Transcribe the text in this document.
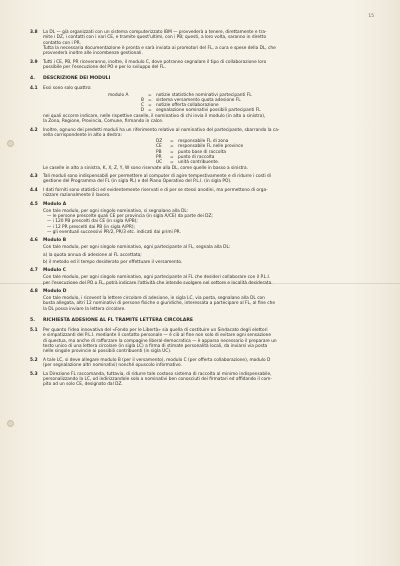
15
3.8	La DL — già organizzati con un sistema computerizzato IBM — provvederà a tenere, direttamente e tra-
mite i DZ, i contatti con i vari CE, e tramite quest'ultimi, con i PB; questi, a loro volta, saranno in diretto
contatto con i PR.
Tutta la necessaria documentazione è pronta e sarà inviata ai promotori del FL, a cura e spese della DL, che
provvederà inoltre alle incombenze gestionali.
3.9	Tutti i CE, PB, PR riceveranno, inoltre, il modulo C, dove potranno segnalare il tipo di collaborazione loro
possibile per l'esecuzione del PO e per lo sviluppo del FL.
4.	DESCRIZIONE DEI MODULI
4.1	Essi sono solo quattro:
modulo A	=	notizie statistiche nominativi partecipanti FL
B =	sistema versamento quota adesione FL
C =	notizie offerta collaborazione
D =	segnalazione nominativi possibili partecipanti FL
nei quali occorre indicare, nelle rispettive caselle, il nominativo di chi invia il modulo (in alto a sinistra),
la Zona, Regione, Provincia, Comune, firmando in calce.
4.2	Inoltre, ognuno dei predetti moduli ha un riferimento relativo al nominativo del partecipante, sbarrando la ca-
sella corrispondente in alto a destra:
DZ	=	responsabile FL di zona
CE	=	responsabile FL nelle province
PB	=	punto base di raccolta
PR	=	punto di raccolta
UC	=	unità contribuente.
Le caselle in alto a sinistra, K, X, Z, Y, W sono riservate alla DL, come quelle in basso a sinistra.
4.3	Tali moduli sono indispensabili per permettere al computer di agire tempestivamente e di ridurre i costi di
gestione del Programma del FL (in sigla PL) e del Piano Operativo del P.L.I. (in sigla PO).
4.4	I dati forniti sono statistici ed evidentemente riservati e di per se stessi anodini, ma permettono di orga-
nizzare razionalmente il lavoro.
4.5	Modulo A
Con tale modulo, per ogni singolo nominativo, si segnalano alla DL:
— le persone prescelte quali CE per provincia (in sigla A/CE) da parte dei DZ;
— i 120 PB prescelti dai CE (in sigla A/PB);
— i 12 PR prescelti dai PB (in sigla A/PR);
— gli eventuali successivi PR/2, PR/3 etc. indicati dai primi PR.
4.6	Modulo B
Con tale modulo, per ogni singolo nominativo, ogni partecipante al FL, segnala alla DL:
a) la quota annua di adesione al FL accettata;
b) il metodo ed il tempo desiderato per effettuare il versamento.
4.7	Modulo C
Con tale modulo, per ogni singolo nominativo, ogni partecipante al FL che desideri collaborare con il P.L.I.
per l'esecuzione del PO o FL, potrà indicare l'attività che intende svolgere nel settore e località desiderata.
4.8	Modulo D
Con tale modulo, i ricevent la lettere circolare di adesione, in sigla LC, via posta, segnalano alla DL con
busta allegata, altri 12 nominativi di persone fisiche o giuridiche, interessata a partecipare al FL, al fine che
la DL possa inviare la lettera circolare.
5.	RICHIESTA ADESIONE AL FL TRAMITE LETTERA CIRCOLARE
5.1	Per quanto l'idea innovativa del «Fondo per le Libertà» sia quella di costituire un Sindacato degli elettori
e simpatizzanti del P.L.I. mediante il contatto personale — è ciò al fine non solo di evitare ogni sensazione
di questua, ma anche di rafforzare la compagine liberal-democratica — è apparso necessario il preparare un
testo unico di una lettera circolare (in sigla LC) a firma di stimate personalità locali, da inviarsi via posta
nelle singole provincie ai possibili contribuenti (in sigla UC).
5.2	A tale LC, si deve allegare modulo B (per il versamento), modulo C (per offerta collaborazione), modulo D
(per segnalazione altri nominativi) nonché opuscolo informativo.
5.3	La Direzione FL raccomanda, tuttavia, di ridurre tale costoso sistema di raccolta al minimo indispensabile,
personalizzando la LC, od indirizzandole solo a nominativi ben conosciuti dei firmatari ed affidando il com-
pito ad un solo CE, designato dal DZ.
